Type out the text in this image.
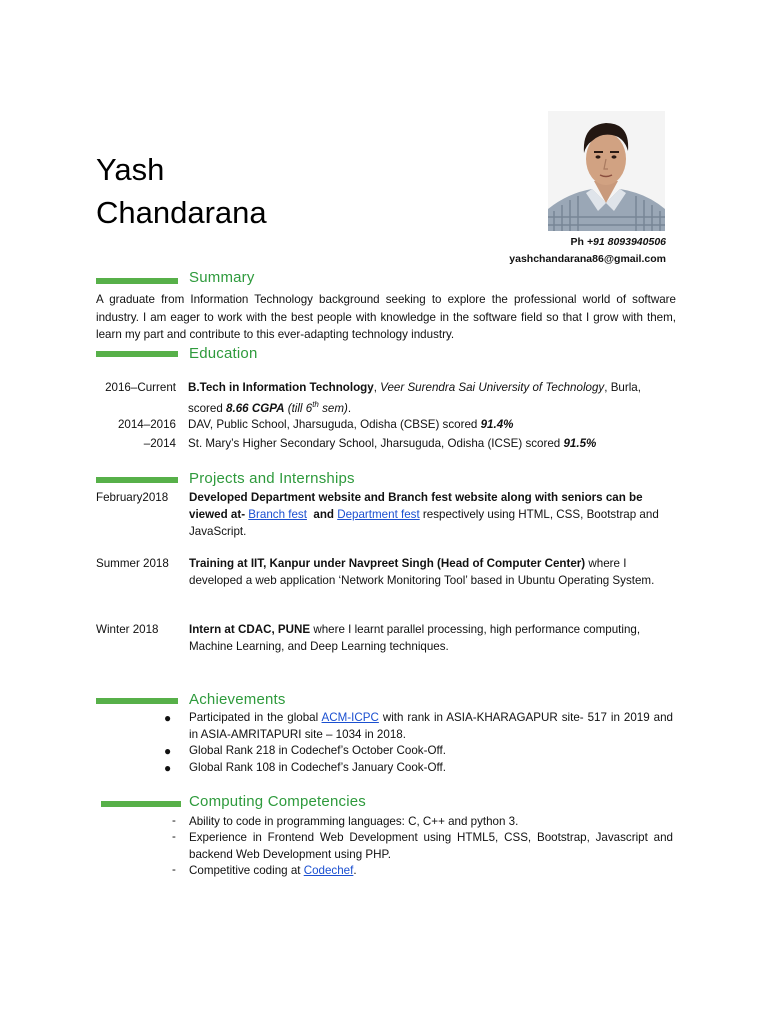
Yash
Chandarana
Ph +91 8093940506
yashchandarana86@gmail.com
Summary
A graduate from Information Technology background seeking to explore the professional world of software industry. I am eager to work with the best people with knowledge in the software field so that I grow with them, learn my part and contribute to this ever-adapting technology industry.
Education
2016–Current B.Tech in Information Technology, Veer Surendra Sai University of Technology, Burla, scored 8.66 CGPA (till 6th sem).
2014–2016 DAV, Public School, Jharsuguda, Odisha (CBSE) scored 91.4%
–2014 St. Mary’s Higher Secondary School, Jharsuguda, Odisha (ICSE) scored 91.5%
Projects and Internships
February2018 Developed Department website and Branch fest website along with seniors can be viewed at- Branch fest  and Department fest respectively using HTML, CSS, Bootstrap and JavaScript.
Summer 2018 Training at IIT, Kanpur under Navpreet Singh (Head of Computer Center) where I developed a web application ‘Network Monitoring Tool’ based in Ubuntu Operating System.
Winter 2018	Intern at CDAC, PUNE where I learnt parallel processing, high performance computing, Machine Learning, and Deep Learning techniques.
Achievements
● Participated in the global ACM-ICPC with rank in ASIA-KHARAGAPUR site- 517 in 2019 and in ASIA-AMRITAPURI site – 1034 in 2018.
● Global Rank 218 in Codechef’s October Cook-Off.
● Global Rank 108 in Codechef’s January Cook-Off.
Computing Competencies
- Ability to code in programming languages: C, C++ and python 3.
- Experience in Frontend Web Development using HTML5, CSS, Bootstrap, Javascript and backend Web Development using PHP.
- Competitive coding at Codechef.
